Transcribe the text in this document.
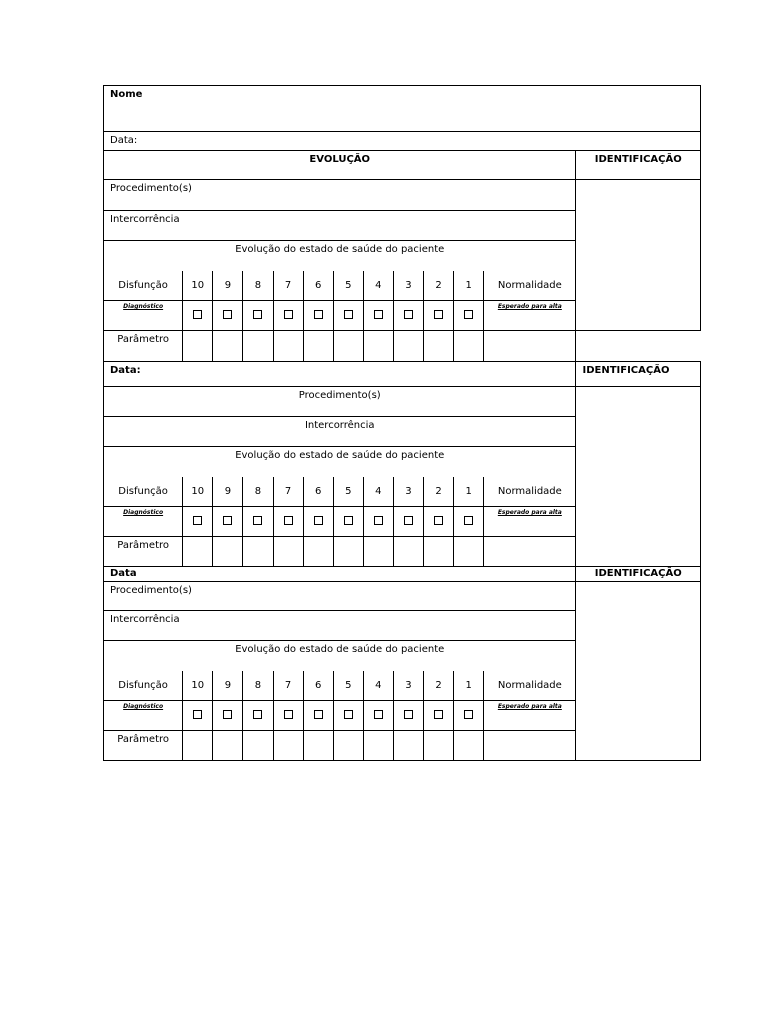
Nome												
Data:												
EVOLUÇÃO												IDENTIFICAÇÃO
Procedimento(s)												
Intercorrência												
Evolução do estado de saúde do paciente												
Disfunção	10	9	8	7	6	5	4	3	2	1	Normalidade	
Diagnóstico											Esperado para alta	
Parâmetro												
Data:												IDENTIFICAÇÃO
Procedimento(s)												
Intercorrência												
Evolução do estado de saúde do paciente												
Disfunção	10	9	8	7	6	5	4	3	2	1	Normalidade	
Diagnóstico											Esperado para alta	
Parâmetro												
Data												IDENTIFICAÇÃO
Procedimento(s)												
Intercorrência												
Evolução do estado de saúde do paciente												
Disfunção	10	9	8	7	6	5	4	3	2	1	Normalidade	
Diagnóstico											Esperado para alta	
Parâmetro												
